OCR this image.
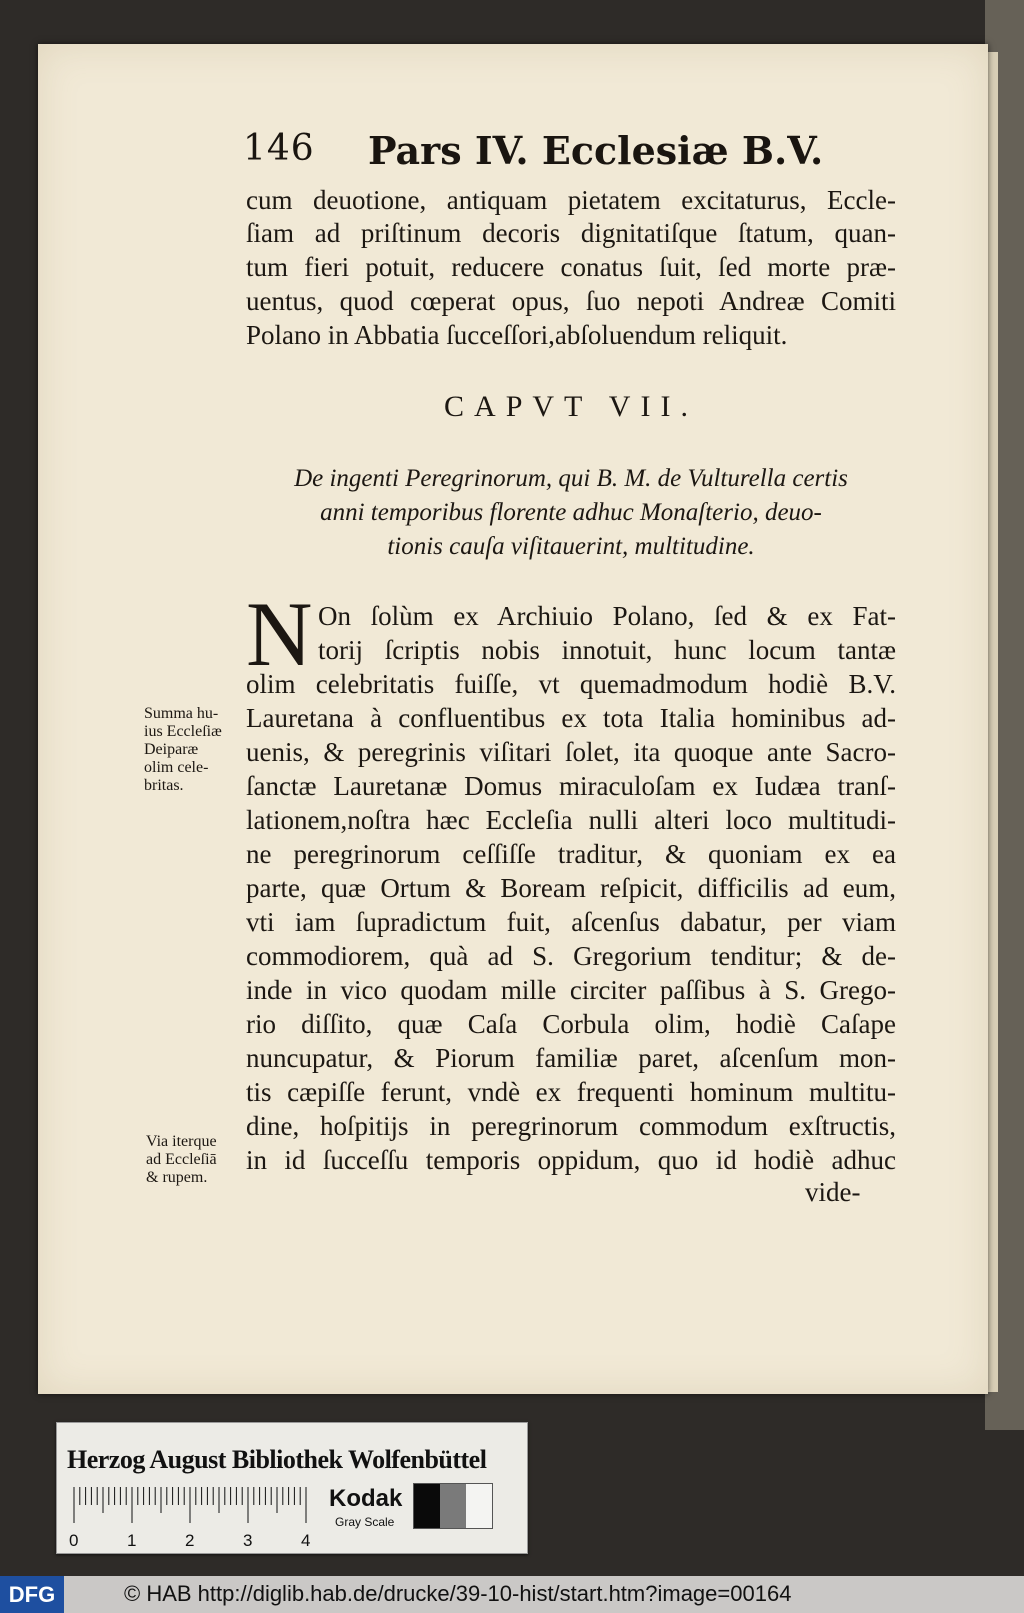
146 Pars IV. Ecclesiæ B.V.
cum deuotione, antiquam pietatem excitaturus, Eccle-
ſiam ad priſtinum decoris dignitatiſque ſtatum, quan-
tum fieri potuit, reducere conatus ſuit, ſed morte præ-
uentus, quod cœperat opus, ſuo nepoti Andreæ Comiti
Polano in Abbatia ſucceſſori,abſoluendum reliquit.
CAPVT VII.
De ingenti Peregrinorum, qui B. M. de Vulturella certis
anni temporibus florente adhuc Monaſterio, deuo-
tionis cauſa viſitauerint, multitudine.
N On ſolùm ex Archiuio Polano, ſed & ex Fat-
torij ſcriptis nobis innotuit, hunc locum tantæ
olim celebritatis fuiſſe, vt quemadmodum hodiè B.V.
Lauretana à confluentibus ex tota Italia hominibus ad-
uenis, & peregrinis viſitari ſolet, ita quoque ante Sacro-
ſanctæ Lauretanæ Domus miraculoſam ex Iudæa tranſ-
lationem,noſtra hæc Eccleſia nulli alteri loco multitudi-
ne peregrinorum ceſſiſſe traditur, & quoniam ex ea
parte, quæ Ortum & Boream reſpicit, difficilis ad eum,
vti iam ſupradictum fuit, aſcenſus dabatur, per viam
commodiorem, quà ad S. Gregorium tenditur; & de-
inde in vico quodam mille circiter paſſibus à S. Grego-
rio diſſito, quæ Caſa Corbula olim, hodiè Caſape
nuncupatur, & Piorum familiæ paret, aſcenſum mon-
tis cæpiſſe ferunt, vndè ex frequenti hominum multitu-
dine, hoſpitijs in peregrinorum commodum exſtructis,
in id ſucceſſu temporis oppidum, quo id hodiè adhuc
vide-
Summa hu-
ius Eccleſiæ
Deiparæ
olim cele-
britas.
Via iterque
ad Eccleſiā
& rupem.
Herzog August Bibliothek Wolfenbüttel
0	1	2	3	4
Kodak
Gray Scale
DFG	© HAB http://diglib.hab.de/drucke/39-10-hist/start.htm?image=00164
